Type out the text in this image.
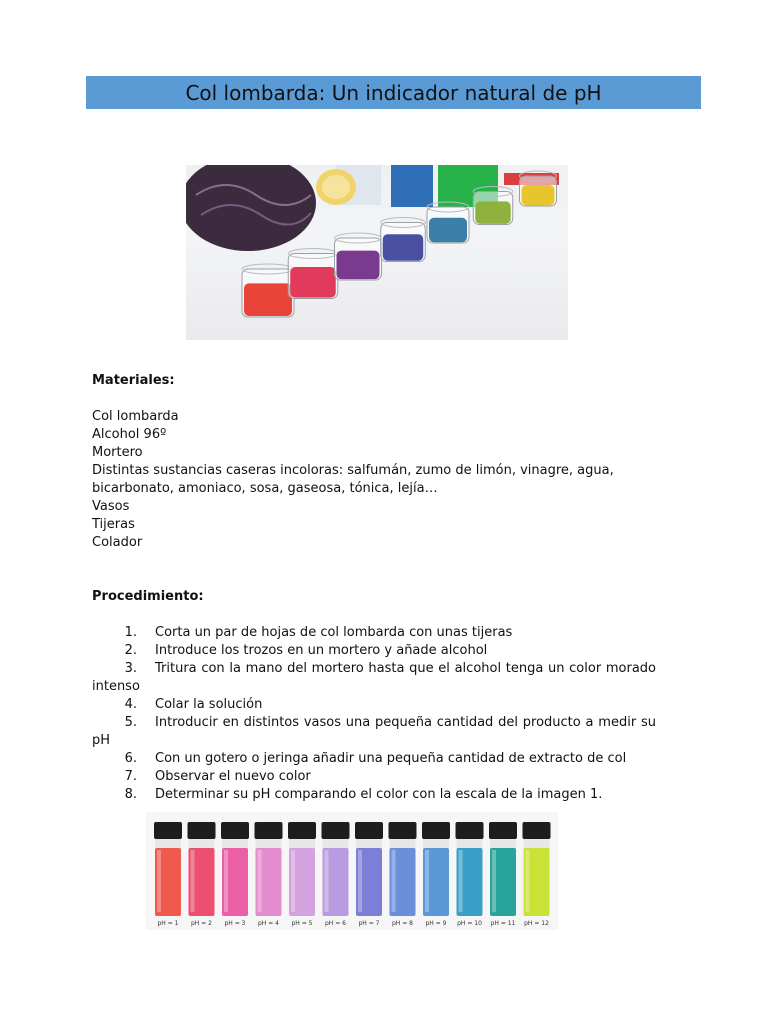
Col lombarda: Un indicador natural de pH

Materiales:

Col lombarda

Alcohol 96º

Mortero

Distintas sustancias caseras incoloras: salfumán, zumo de limón, vinagre, agua,

bicarbonato, amoniaco, sosa, gaseosa, tónica, lejía…

Vasos

Tijeras

Colador

Procedimiento:

1. Corta un par de hojas de col lombarda con unas tijeras
2. Introduce los trozos en un mortero y añade alcohol
3. Tritura con la mano del mortero hasta que el alcohol tenga un color morado intenso
4. Colar la solución
5. Introducir en distintos vasos una pequeña cantidad del producto a medir su pH
6. Con un gotero o jeringa añadir una pequeña cantidad de extracto de col
7. Observar el nuevo color
8. Determinar su pH comparando el color con la escala de la imagen 1.
pH = 1 pH = 2 pH = 3 pH = 4 pH = 5 pH = 6 pH = 7 pH = 8 pH = 9 pH = 10 pH = 11 pH = 12
